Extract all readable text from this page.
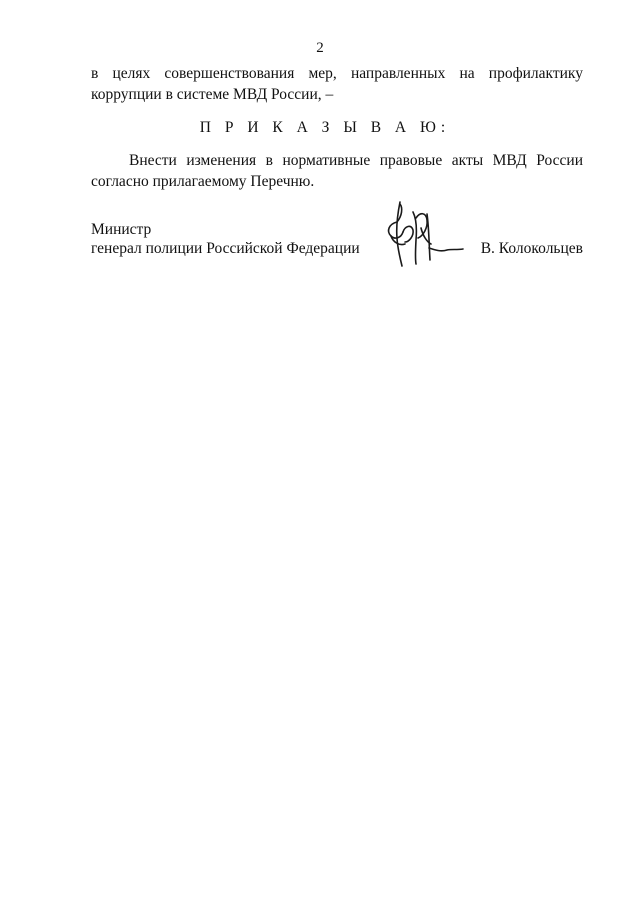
2
в целях совершенствования мер, направленных на профилактику
коррупции в системе МВД России, –
П Р И К А З Ы В А Ю:
Внести изменения в нормативные правовые акты МВД России
согласно прилагаемому Перечню.
Министр
генерал полиции Российской Федерации	В. Колокольцев
